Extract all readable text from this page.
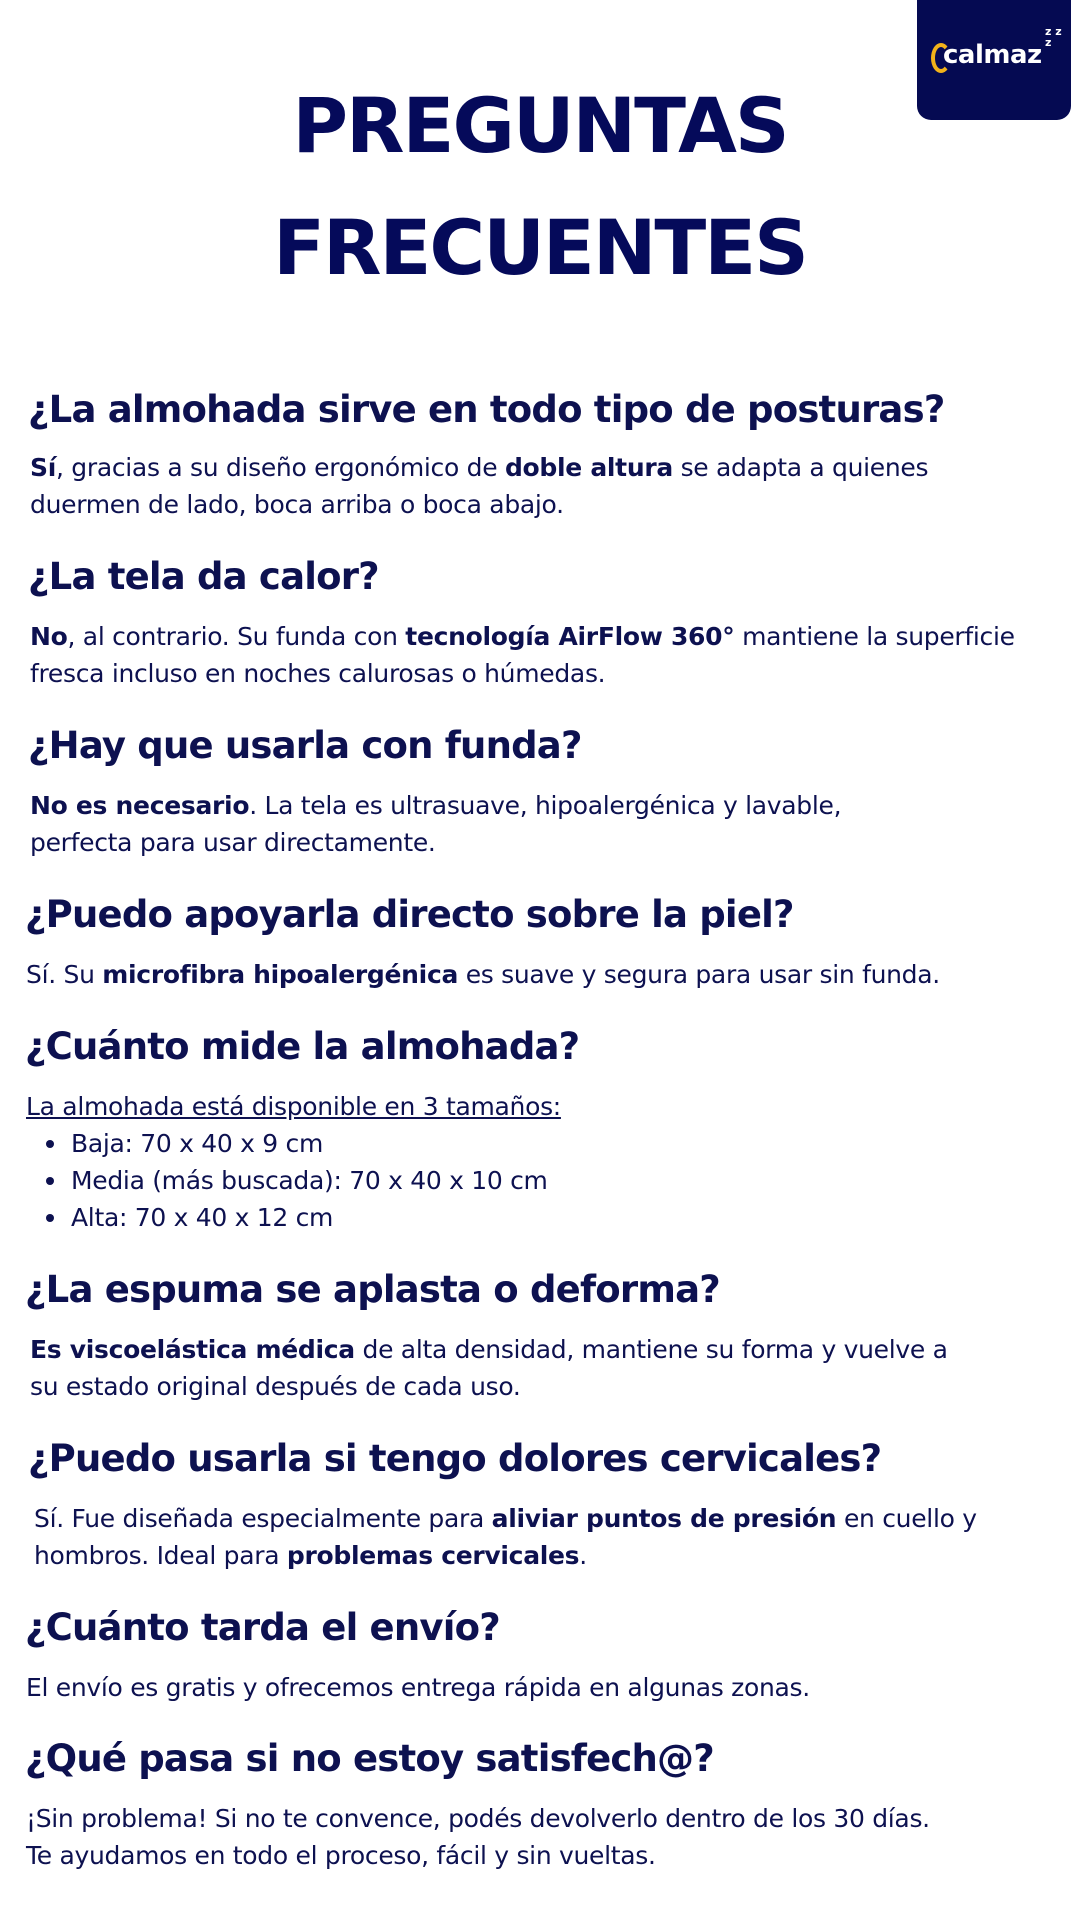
calmaz
z z z
PREGUNTAS
FRECUENTES
¿La almohada sirve en todo tipo de posturas?

Sí, gracias a su diseño ergonómico de doble altura se adapta a quienes
duermen de lado, boca arriba o boca abajo.

¿La tela da calor?

No, al contrario. Su funda con tecnología AirFlow 360° mantiene la superficie
fresca incluso en noches calurosas o húmedas.

¿Hay que usarla con funda?

No es necesario. La tela es ultrasuave, hipoalergénica y lavable,
perfecta para usar directamente.

¿Puedo apoyarla directo sobre la piel?

Sí. Su microfibra hipoalergénica es suave y segura para usar sin funda.

¿Cuánto mide la almohada?

La almohada está disponible en 3 tamaños:

Baja: 70 x 40 x 9 cm
Media (más buscada): 70 x 40 x 10 cm
Alta: 70 x 40 x 12 cm
¿La espuma se aplasta o deforma?

Es viscoelástica médica de alta densidad, mantiene su forma y vuelve a
su estado original después de cada uso.

¿Puedo usarla si tengo dolores cervicales?

Sí. Fue diseñada especialmente para aliviar puntos de presión en cuello y
hombros. Ideal para problemas cervicales.

¿Cuánto tarda el envío?

El envío es gratis y ofrecemos entrega rápida en algunas zonas.

¿Qué pasa si no estoy satisfech@?

¡Sin problema! Si no te convence, podés devolverlo dentro de los 30 días.
Te ayudamos en todo el proceso, fácil y sin vueltas.
